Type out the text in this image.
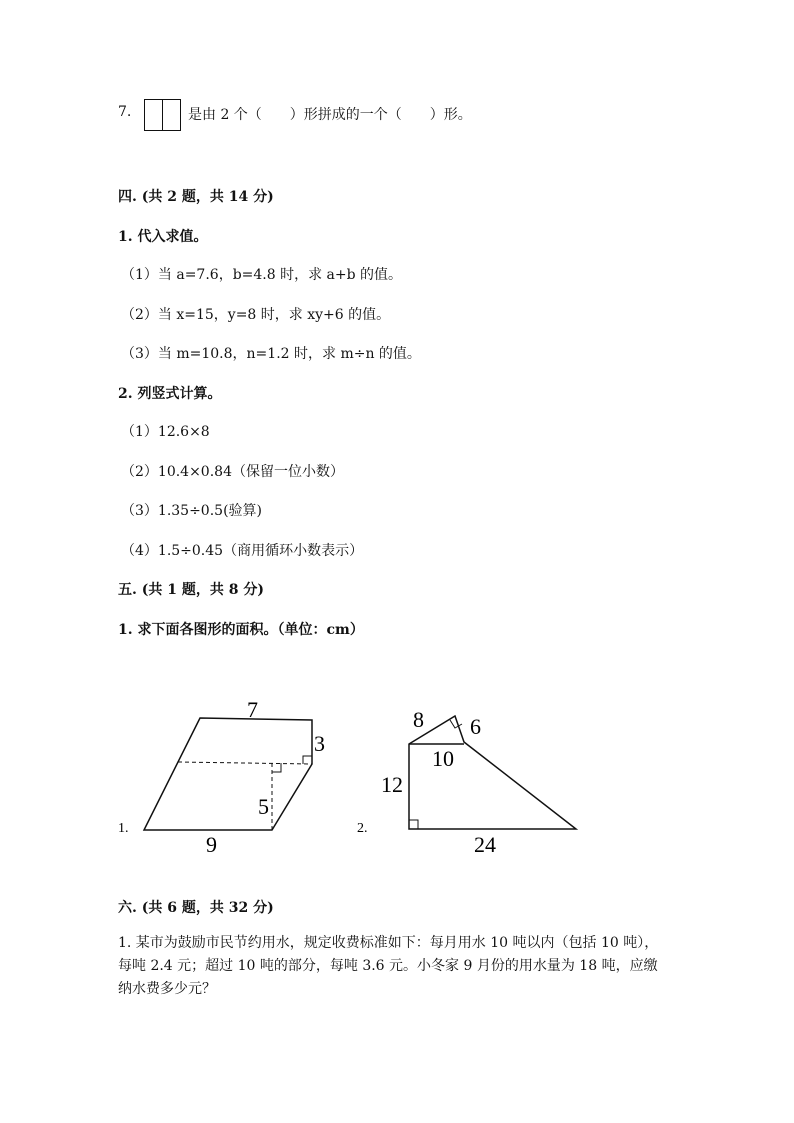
7.	是由 2 个（　　）形拼成的一个（　　）形。
四. (共 2 题，共 14 分)
1. 代入求值。
（1）当 a=7.6，b=4.8 时，求 a+b 的值。
（2）当 x=15，y=8 时，求 xy+6 的值。
（3）当 m=10.8，n=1.2 时，求 m÷n 的值。
2. 列竖式计算。
（1）12.6×8
（2）10.4×0.84（保留一位小数）
（3）1.35÷0.5(验算)
（4）1.5÷0.45（商用循环小数表示）
五. (共 1 题，共 8 分)
1. 求下面各图形的面积。（单位：cm）
1.
7
3
5
9
2.
8 6
10
12
24
六. (共 6 题，共 32 分)
1. 某市为鼓励市民节约用水，规定收费标准如下：每月用水 10 吨以内（包括 10 吨），每吨 2.4 元；超过 10 吨的部分，每吨 3.6 元。小冬家 9 月份的用水量为 18 吨，应缴纳水费多少元？
